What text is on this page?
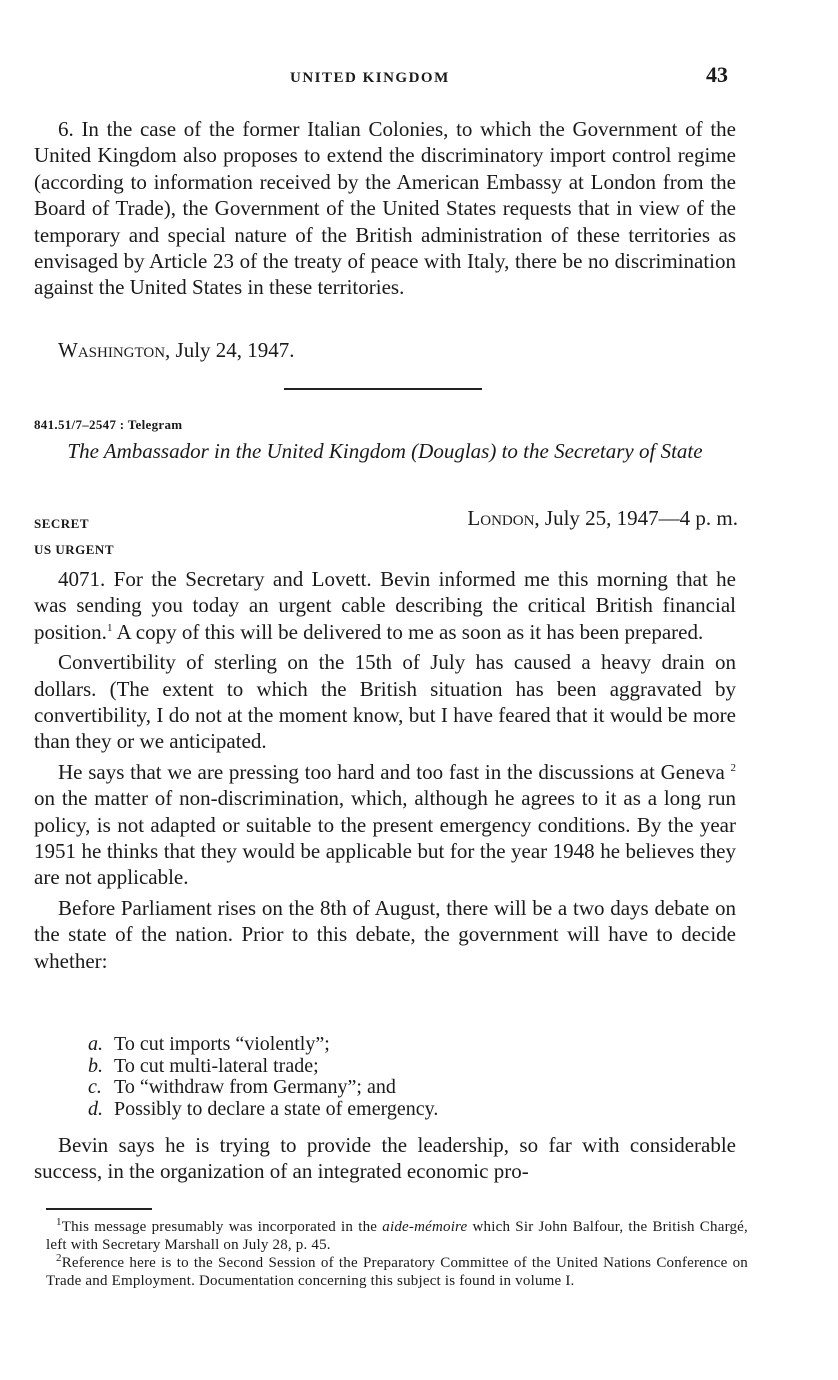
UNITED KINGDOM	43

6. In the case of the former Italian Colonies, to which the Government of the United Kingdom also proposes to extend the discriminatory import control regime (according to information received by the American Embassy at London from the Board of Trade), the Government of the United States requests that in view of the temporary and special nature of the British administration of these territories as envisaged by Article 23 of the treaty of peace with Italy, there be no discrimination against the United States in these territories.

Washington, July 24, 1947.
841.51/7–2547 : Telegram
The Ambassador in the United Kingdom (Douglas) to the Secretary of State
SECRET	London, July 25, 1947—4 p. m.
US URGENT

4071. For the Secretary and Lovett. Bevin informed me this morning that he was sending you today an urgent cable describing the critical British financial position.$^1$ A copy of this will be delivered to me as soon as it has been prepared.

Convertibility of sterling on the 15th of July has caused a heavy drain on dollars. (The extent to which the British situation has been aggravated by convertibility, I do not at the moment know, but I have feared that it would be more than they or we anticipated.

He says that we are pressing too hard and too fast in the discussions at Geneva $^2$ on the matter of non-discrimination, which, although he agrees to it as a long run policy, is not adapted or suitable to the present emergency conditions. By the year 1951 he thinks that they would be applicable but for the year 1948 he believes they are not applicable.

Before Parliament rises on the 8th of August, there will be a two days debate on the state of the nation. Prior to this debate, the government will have to decide whether:

a. To cut imports “violently”;
b. To cut multi-lateral trade;
c. To “withdraw from Germany”; and
d. Possibly to declare a state of emergency.

Bevin says he is trying to provide the leadership, so far with considerable success, in the organization of an integrated economic pro-

$^1$This message presumably was incorporated in the aide-mémoire which Sir John Balfour, the British Chargé, left with Secretary Marshall on July 28, p. 45.

$^2$Reference here is to the Second Session of the Preparatory Committee of the United Nations Conference on Trade and Employment. Documentation concerning this subject is found in volume I.
